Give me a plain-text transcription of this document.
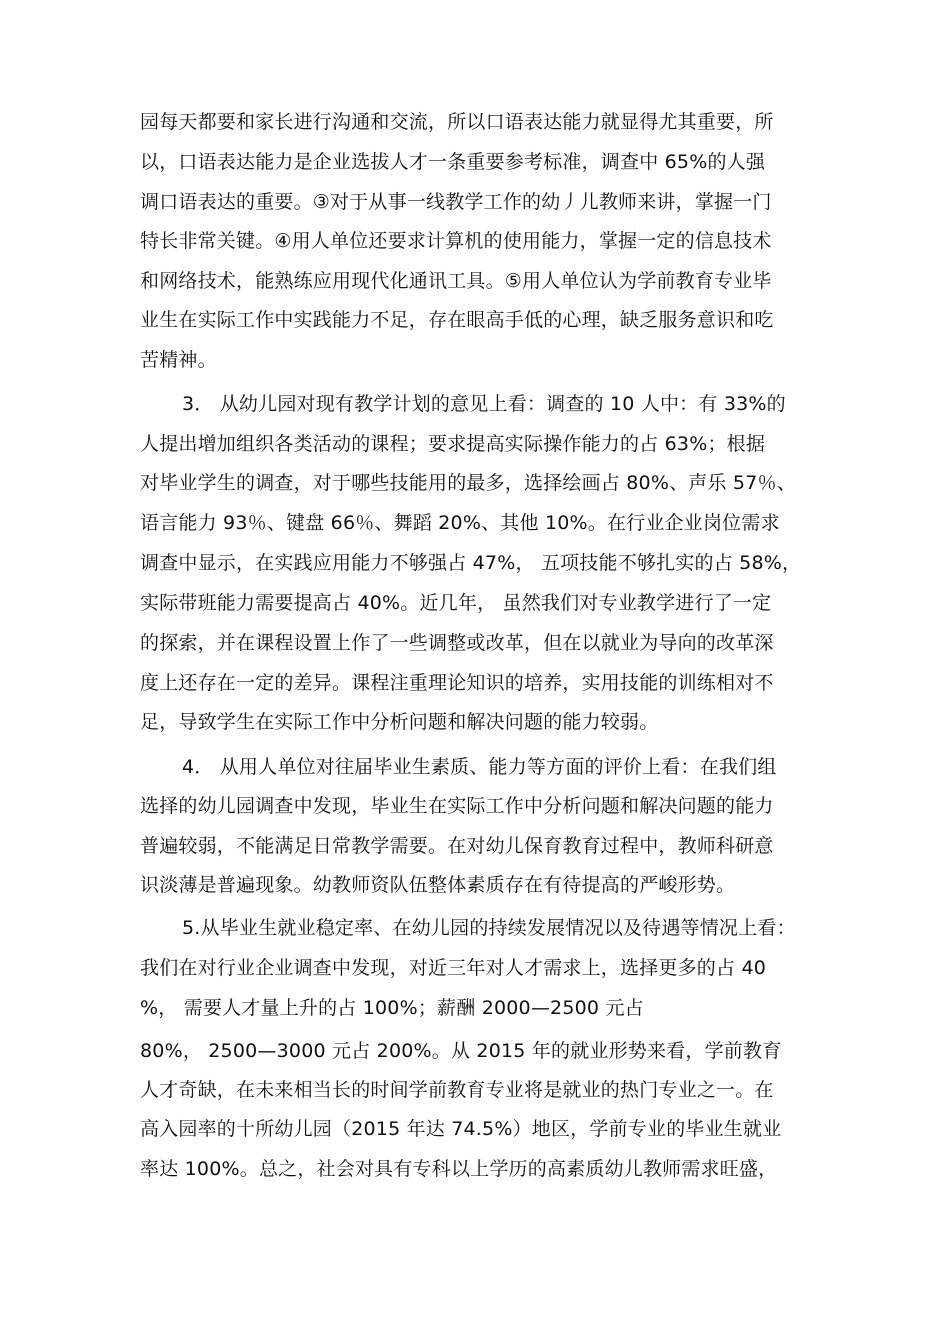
园每天都要和家长进行沟通和交流，所以口语表达能力就显得尤其重要，所
以，口语表达能力是企业选拔人才一条重要参考标准，调查中 65%的人强
调口语表达的重要。③对于从事一线教学工作的幼丿儿教师来讲，掌握一门
特长非常关键。④用人单位还要求计算机的使用能力，掌握一定的信息技术
和网络技术，能熟练应用现代化通讯工具。⑤用人单位认为学前教育专业毕
业生在实际工作中实践能力不足，存在眼高手低的心理，缺乏服务意识和吃
苦精神。
3． 从幼儿园对现有教学计划的意见上看：调查的 10 人中：有 33%的
人提出增加组织各类活动的课程；要求提高实际操作能力的占 63%；根据
对毕业学生的调查，对于哪些技能用的最多，选择绘画占 80%、声乐 57％、
语言能力 93％、键盘 66％、舞蹈 20%、其他 10%。在行业企业岗位需求
调查中显示，在实践应用能力不够强占 47%， 五项技能不够扎实的占 58%，
实际带班能力需要提高占 40%。近几年， 虽然我们对专业教学进行了一定
的探索，并在课程设置上作了一些调整或改革，但在以就业为导向的改革深
度上还存在一定的差异。课程注重理论知识的培养，实用技能的训练相对不
足，导致学生在实际工作中分析问题和解决问题的能力较弱。
4． 从用人单位对往届毕业生素质、能力等方面的评价上看：在我们组
选择的幼儿园调查中发现，毕业生在实际工作中分析问题和解决问题的能力
普遍较弱，不能满足日常教学需要。在对幼儿保育教育过程中，教师科研意
识淡薄是普遍现象。幼教师资队伍整体素质存在有待提高的严峻形势。
5.从毕业生就业稳定率、在幼儿园的持续发展情况以及待遇等情况上看：
我们在对行业企业调查中发现，对近三年对人才需求上，选择更多的占 40
%， 需要人才量上升的占 100%；薪酬 2000—2500 元占
80%， 2500—3000 元占 200%。从 2015 年的就业形势来看，学前教育
人才奇缺，在未来相当长的时间学前教育专业将是就业的热门专业之一。在
高入园率的十所幼儿园（2015 年达 74.5%）地区，学前专业的毕业生就业
率达 100%。总之，社会对具有专科以上学历的高素质幼儿教师需求旺盛，
